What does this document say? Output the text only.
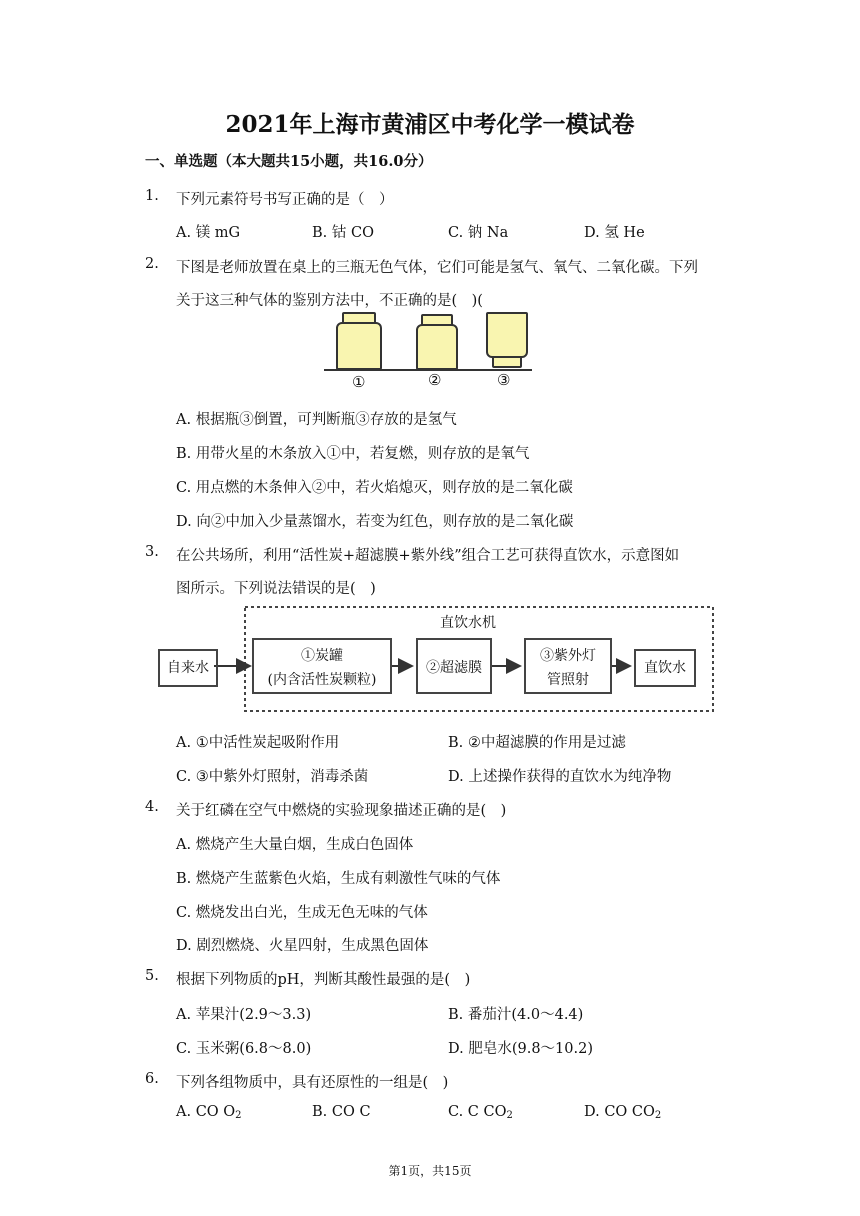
2021年上海市黄浦区中考化学一模试卷
一、单选题（本大题共15小题，共16.0分）
1. 下列元素符号书写正确的是（　）
A. 镁 mG	B. 钴 CO	C. 钠 Na	D. 氢 He
2. 下图是老师放置在桌上的三瓶无色气体，它们可能是氢气、氧气、二氧化碳。下列
关于这三种气体的鉴别方法中，不正确的是(　)(
①	②	③
A. 根据瓶③倒置，可判断瓶③存放的是氢气
B. 用带火星的木条放入①中，若复燃，则存放的是氧气
C. 用点燃的木条伸入②中，若火焰熄灭，则存放的是二氧化碳
D. 向②中加入少量蒸馏水，若变为红色，则存放的是二氧化碳
3. 在公共场所，利用“活性炭+超滤膜+紫外线”组合工艺可获得直饮水，示意图如
图所示。下列说法错误的是(　)
直饮水机
自来水
①炭罐
(内含活性炭颗粒)
②超滤膜
③紫外灯
管照射
直饮水
A. ①中活性炭起吸附作用	B. ②中超滤膜的作用是过滤
C. ③中紫外灯照射，消毒杀菌	D. 上述操作获得的直饮水为纯净物
4. 关于红磷在空气中燃烧的实验现象描述正确的是(　)
A. 燃烧产生大量白烟，生成白色固体
B. 燃烧产生蓝紫色火焰，生成有刺激性气味的气体
C. 燃烧发出白光，生成无色无味的气体
D. 剧烈燃烧、火星四射，生成黑色固体
5. 根据下列物质的pH，判断其酸性最强的是(　)
A. 苹果汁(2.9～3.3)	B. 番茄汁(4.0～4.4)
C. 玉米粥(6.8～8.0)	D. 肥皂水(9.8～10.2)
6. 下列各组物质中，具有还原性的一组是(　)
A. CO $O_2$	B. CO C	C. C $CO_2$	D. CO $CO_2$
第1页，共15页
